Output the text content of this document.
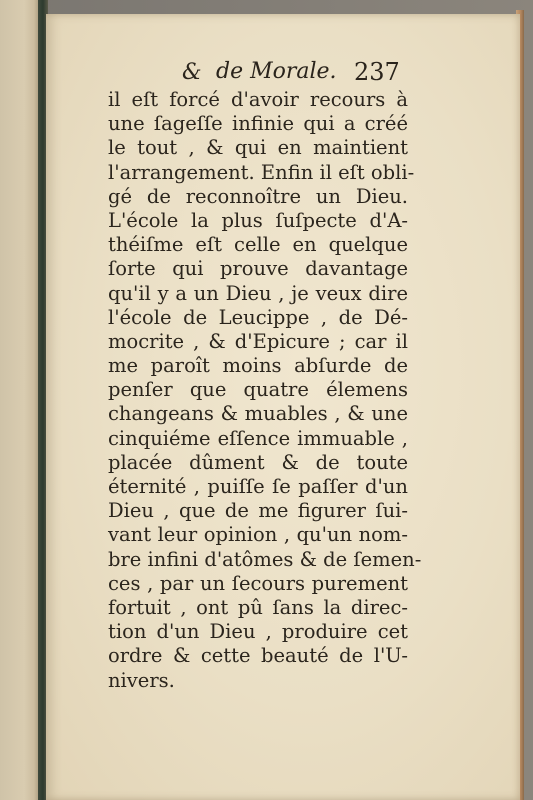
& de Morale. 237
il eſt forcé d'avoir recours à
une ſageſſe infinie qui a créé
le tout , & qui en maintient
l'arrangement. Enfin il eſt obli-
gé de reconnoître un Dieu.
L'école la plus ſuſpecte d'A-
théiſme eſt celle en quelque
ſorte qui prouve davantage
qu'il y a un Dieu , je veux dire
l'école de Leucippe , de Dé-
mocrite , & d'Epicure ; car il
me paroît moins abſurde de
penſer que quatre élemens
changeans & muables , & une
cinquiéme eſſence immuable ,
placée dûment & de toute
éternité , puiſſe ſe paſſer d'un
Dieu , que de me figurer ſui-
vant leur opinion , qu'un nom-
bre infini d'atômes & de ſemen-
ces , par un ſecours purement
fortuit , ont pû ſans la direc-
tion d'un Dieu , produire cet
ordre & cette beauté de l'U-
nivers.
